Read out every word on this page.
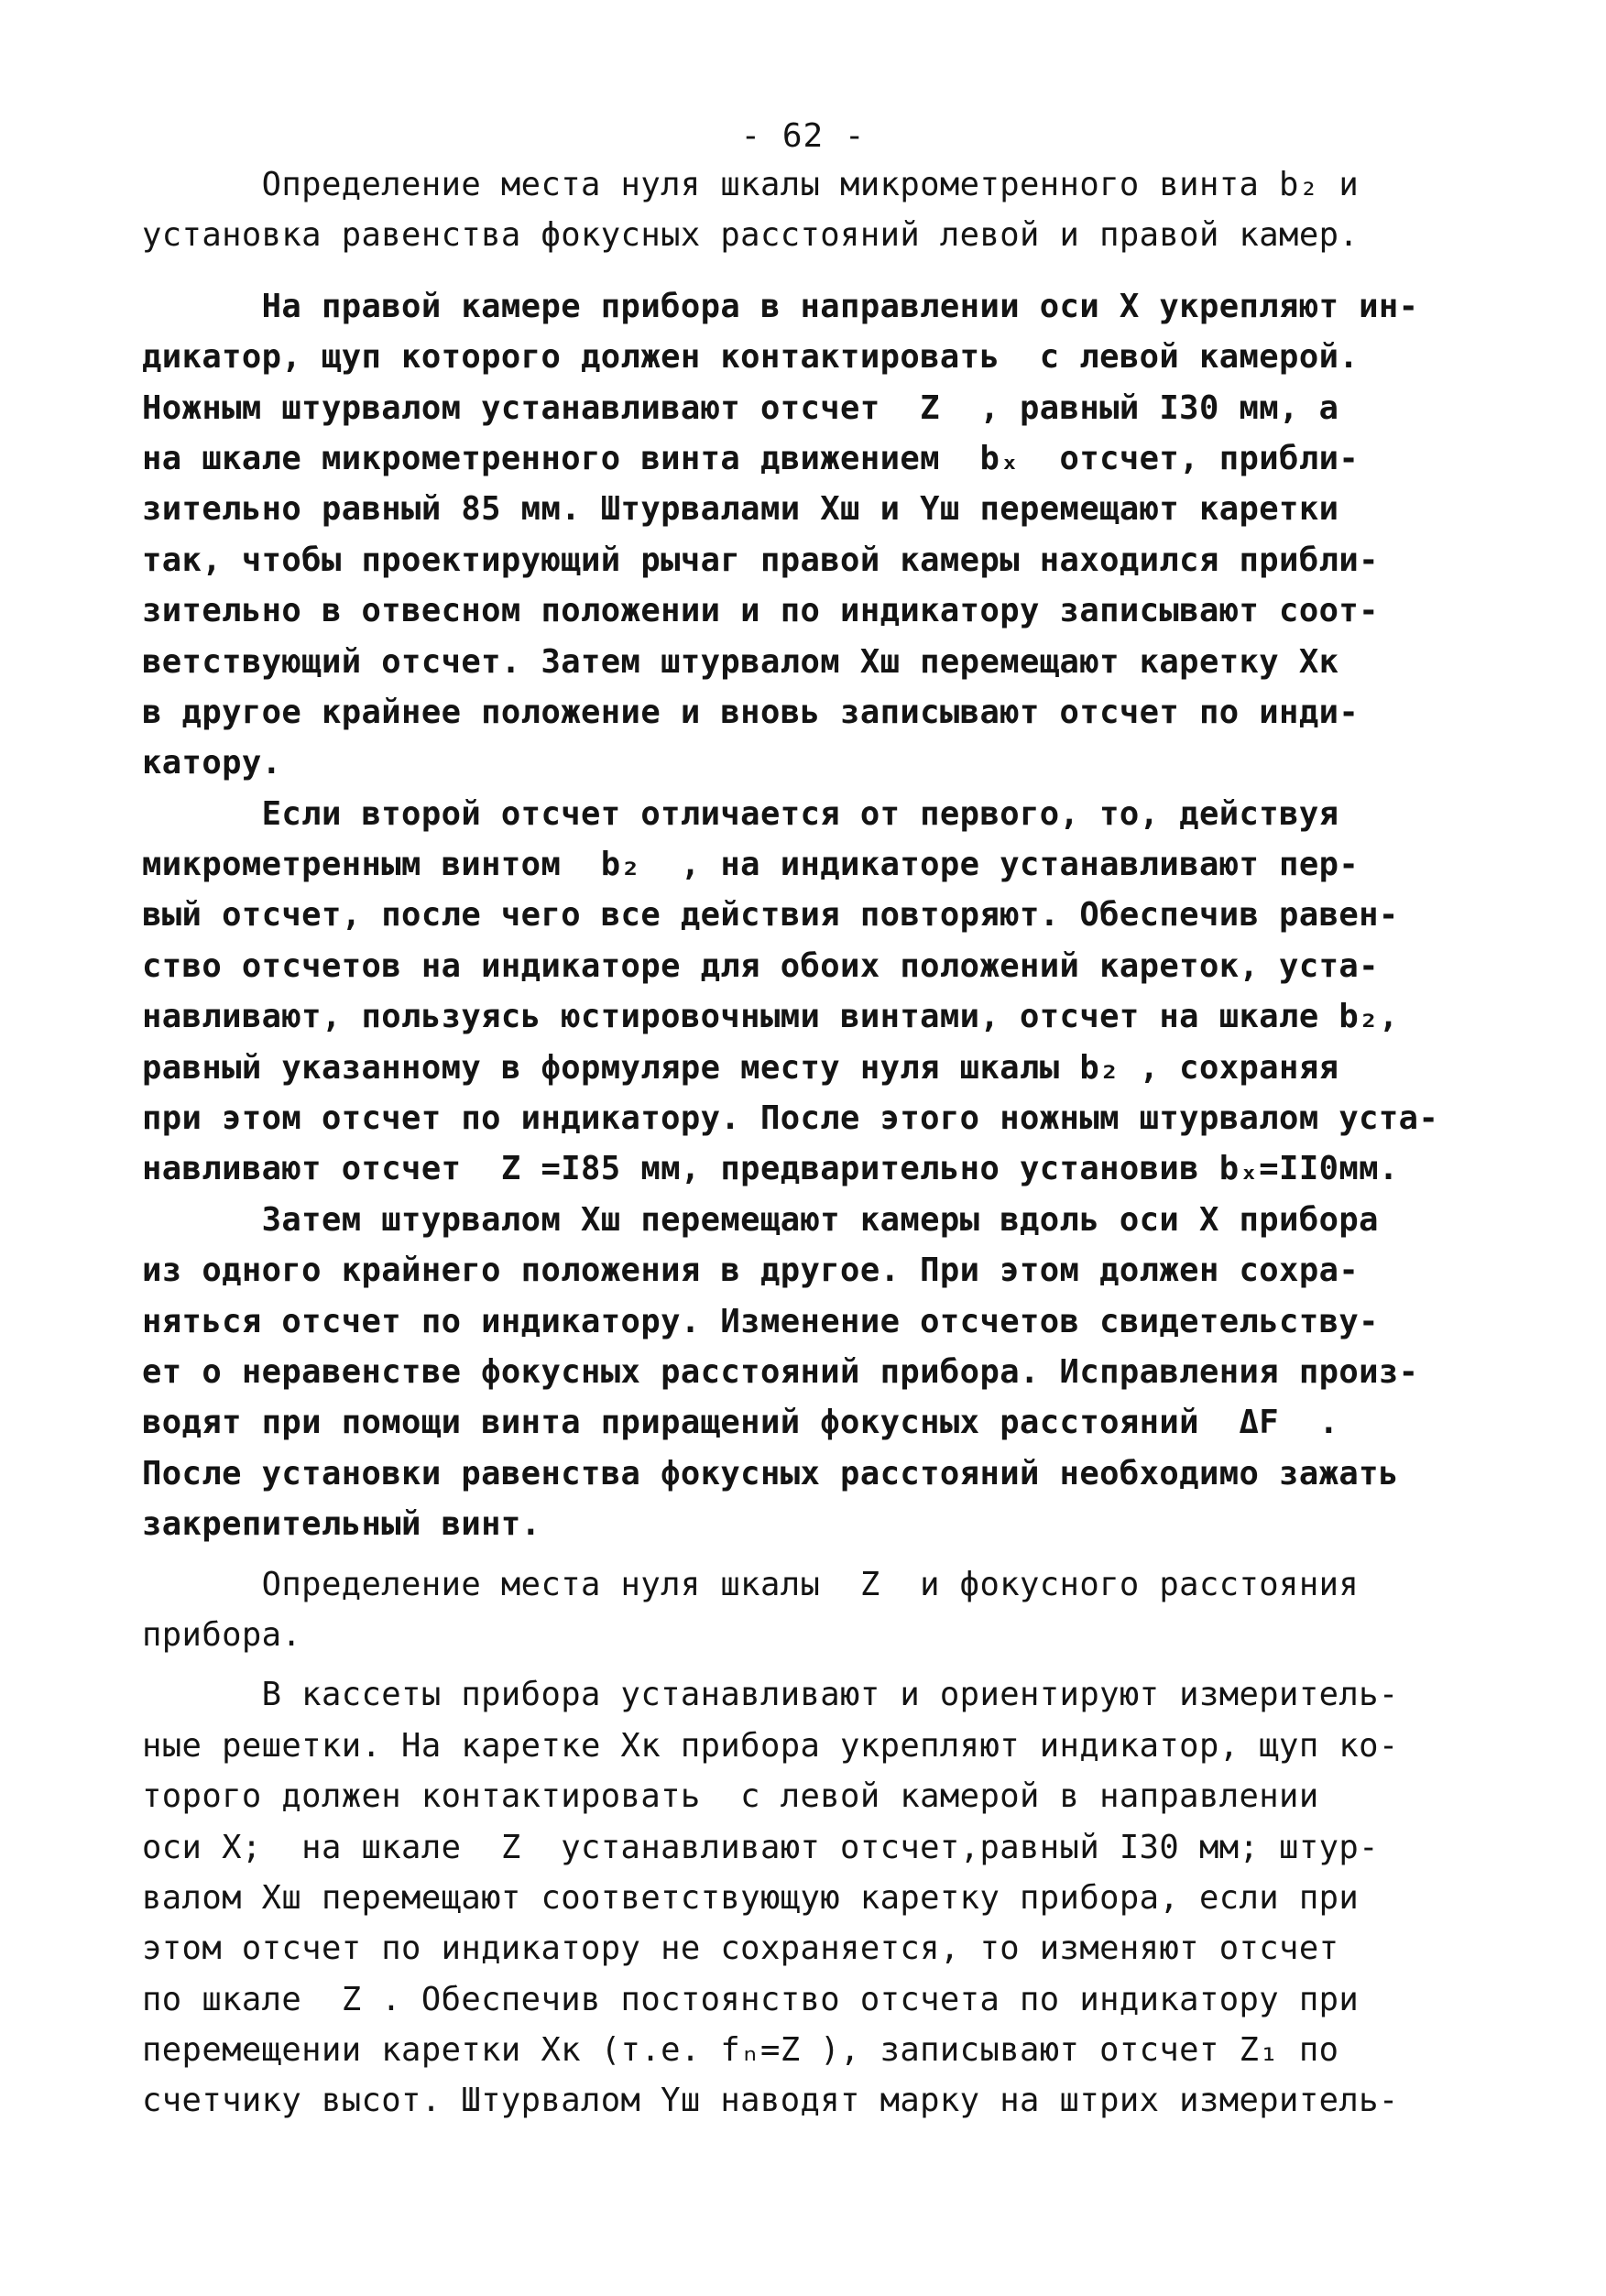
- 62 -
Определение места нуля шкалы микрометренного винта b₂ и
установка равенства фокусных расстояний левой и правой камер.
На правой камере прибора в направлении оси X укрепляют ин-
дикатор, щуп которого должен контактировать  с левой камерой.
Ножным штурвалом устанавливают отсчет  Z  , равный I30 мм, а
на шкале микрометренного винта движением  bₓ  отсчет, прибли-
зительно равный 85 мм. Штурвалами Xш и Yш перемещают каретки
так, чтобы проектирующий рычаг правой камеры находился прибли-
зительно в отвесном положении и по индикатору записывают соот-
ветствующий отсчет. Затем штурвалом Xш перемещают каретку Xк
в другое крайнее положение и вновь записывают отсчет по инди-
катору.
Если второй отсчет отличается от первого, то, действуя
микрометренным винтом  b₂  , на индикаторе устанавливают пер-
вый отсчет, после чего все действия повторяют. Обеспечив равен-
ство отсчетов на индикаторе для обоих положений кареток, уста-
навливают, пользуясь юстировочными винтами, отсчет на шкале b₂,
равный указанному в формуляре месту нуля шкалы b₂ , сохраняя
при этом отсчет по индикатору. После этого ножным штурвалом уста-
навливают отсчет  Z =I85 мм, предварительно установив bₓ=II0мм.
Затем штурвалом Xш перемещают камеры вдоль оси X прибора
из одного крайнего положения в другое. При этом должен сохра-
няться отсчет по индикатору. Изменение отсчетов свидетельству-
ет о неравенстве фокусных расстояний прибора. Исправления произ-
водят при помощи винта приращений фокусных расстояний  ΔF  .
После установки равенства фокусных расстояний необходимо зажать
закрепительный винт.
Определение места нуля шкалы  Z  и фокусного расстояния
прибора.
В кассеты прибора устанавливают и ориентируют измеритель-
ные решетки. На каретке Xк прибора укрепляют индикатор, щуп ко-
торого должен контактировать  с левой камерой в направлении
оси X;  на шкале  Z  устанавливают отсчет,равный I30 мм; штур-
валом Xш перемещают соответствующую каретку прибора, если при
этом отсчет по индикатору не сохраняется, то изменяют отсчет
по шкале  Z . Обеспечив постоянство отсчета по индикатору при
перемещении каретки Xк (т.е. fₙ=Z ), записывают отсчет Z₁ по
счетчику высот. Штурвалом Yш наводят марку на штрих измеритель-
